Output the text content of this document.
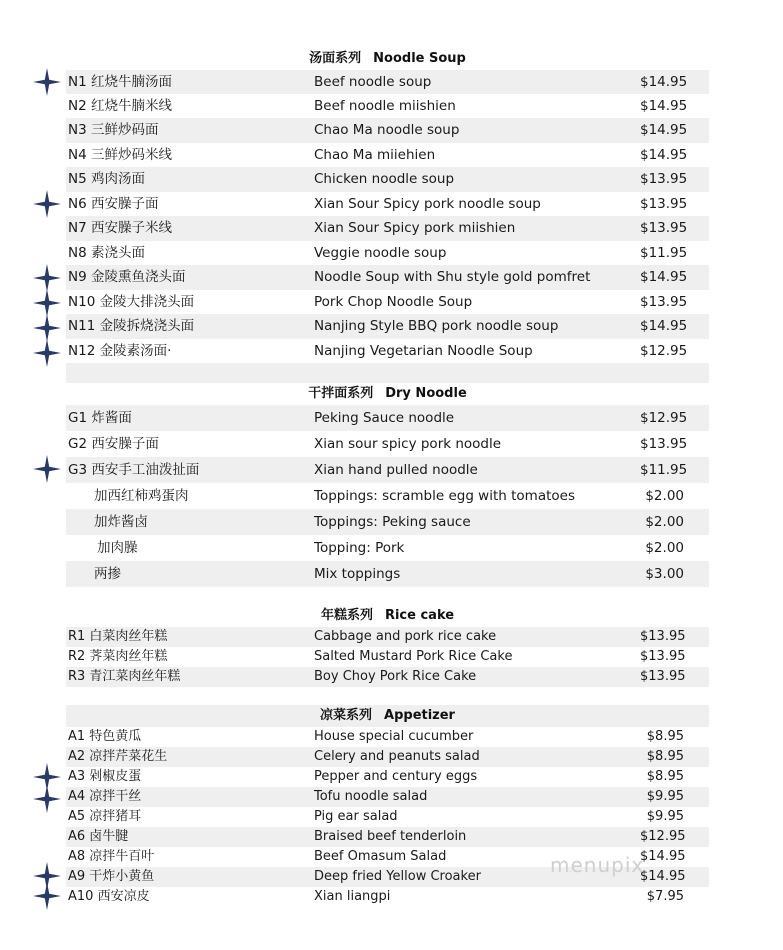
汤面系列 Noodle Soup
N1 红烧牛腩汤面	Beef noodle soup	$14.95
N2 红烧牛腩米线	Beef noodle miishien	$14.95
N3 三鲜炒码面	Chao Ma noodle soup	$14.95
N4 三鲜炒码米线	Chao Ma miiehien	$14.95
N5 鸡肉汤面	Chicken noodle soup	$13.95
N6 西安臊子面	Xian Sour Spicy pork noodle soup	$13.95
N7 西安臊子米线	Xian Sour Spicy pork miishien	$13.95
N8 素浇头面	Veggie noodle soup	$11.95
N9 金陵熏鱼浇头面	Noodle Soup with Shu style gold pomfret	$14.95
N10 金陵大排浇头面	Pork Chop Noodle Soup	$13.95
N11 金陵拆烧浇头面	Nanjing Style BBQ pork noodle soup	$14.95
N12 金陵素汤面·	Nanjing Vegetarian Noodle Soup	$12.95
干拌面系列 Dry Noodle
G1 炸酱面	Peking Sauce noodle	$12.95
G2 西安臊子面	Xian sour spicy pork noodle	$13.95
G3 西安手工油泼扯面	Xian hand pulled noodle	$11.95
加西红柿鸡蛋肉	Toppings: scramble egg with tomatoes	$2.00
加炸酱卤	Toppings: Peking sauce	$2.00
加肉臊	Topping: Pork	$2.00
两掺	Mix toppings	$3.00
年糕系列 Rice cake
R1 白菜肉丝年糕	Cabbage and pork rice cake	$13.95
R2 荠菜肉丝年糕	Salted Mustard Pork Rice Cake	$13.95
R3 青江菜肉丝年糕	Boy Choy Pork Rice Cake	$13.95
凉菜系列 Appetizer
A1 特色黄瓜	House special cucumber	$8.95
A2 凉拌芹菜花生	Celery and peanuts salad	$8.95
A3 剁椒皮蛋	Pepper and century eggs	$8.95
A4 凉拌干丝	Tofu noodle salad	$9.95
A5 凉拌猪耳	Pig ear salad	$9.95
A6 卤牛腱	Braised beef tenderloin	$12.95
A8 凉拌牛百叶	Beef Omasum Salad	$14.95
A9 干炸小黄鱼	Deep fried Yellow Croaker	$14.95
A10 西安凉皮	Xian liangpi	$7.95
menupix
